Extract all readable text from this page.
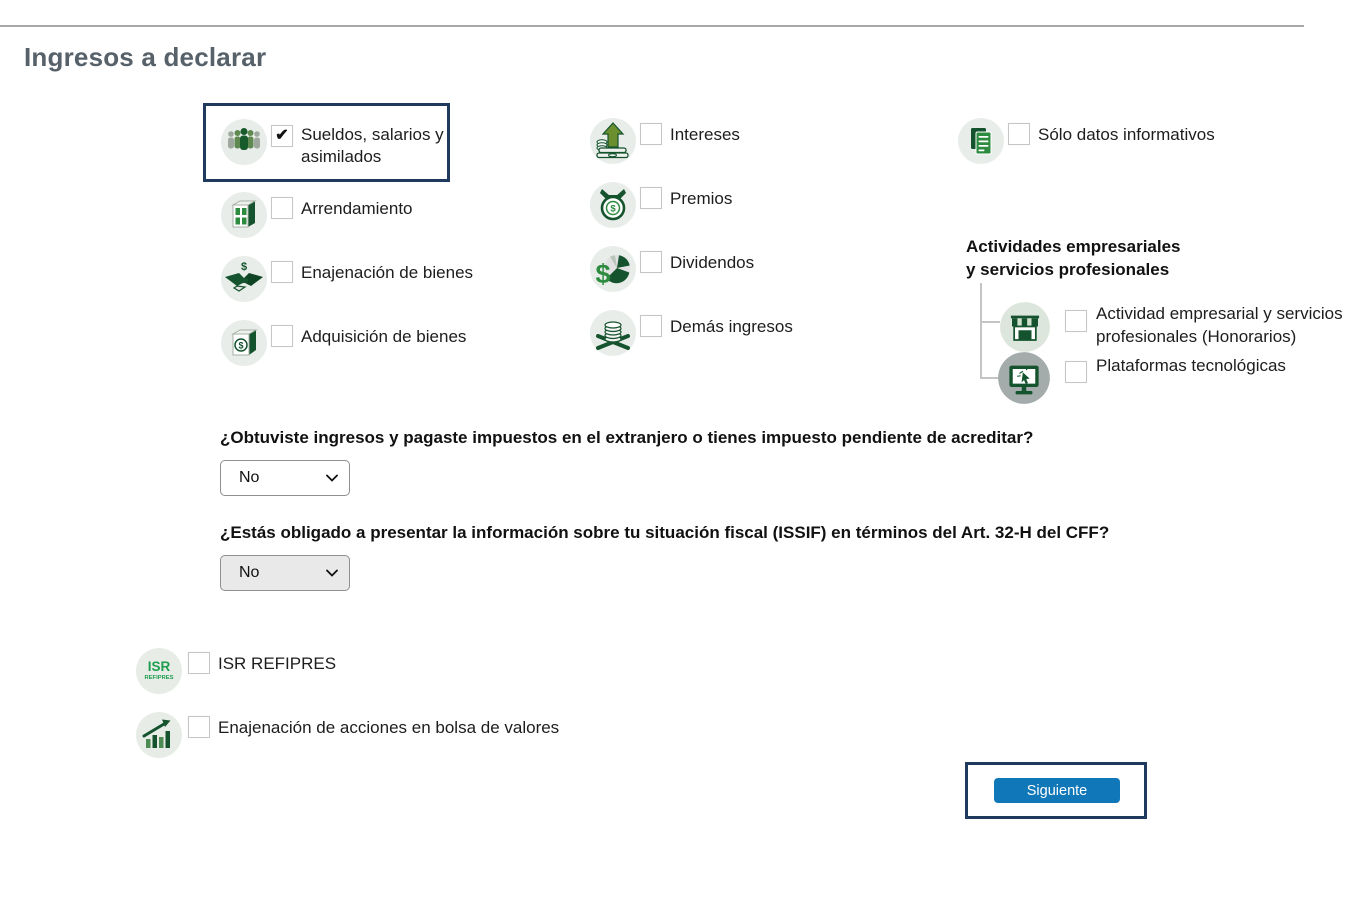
Ingresos a declarar
✔ Sueldos, salarios y asimilados
Arrendamiento
$	Enajenación de bienes
$	Adquisición de bienes
Intereses
$
Premios
$	Dividendos
Demás ingresos
Sólo datos informativos
Actividades empresariales y servicios profesionales
Actividad empresarial y servicios profesionales (Honorarios)
Plataformas tecnológicas
¿Obtuviste ingresos y pagaste impuestos en el extranjero o tienes impuesto pendiente de acreditar?
No
¿Estás obligado a presentar la información sobre tu situación fiscal (ISSIF) en términos del Art. 32-H del CFF?
No
ISR
REFIPRES
ISR REFIPRES
Enajenación de acciones en bolsa de valores
Siguiente
